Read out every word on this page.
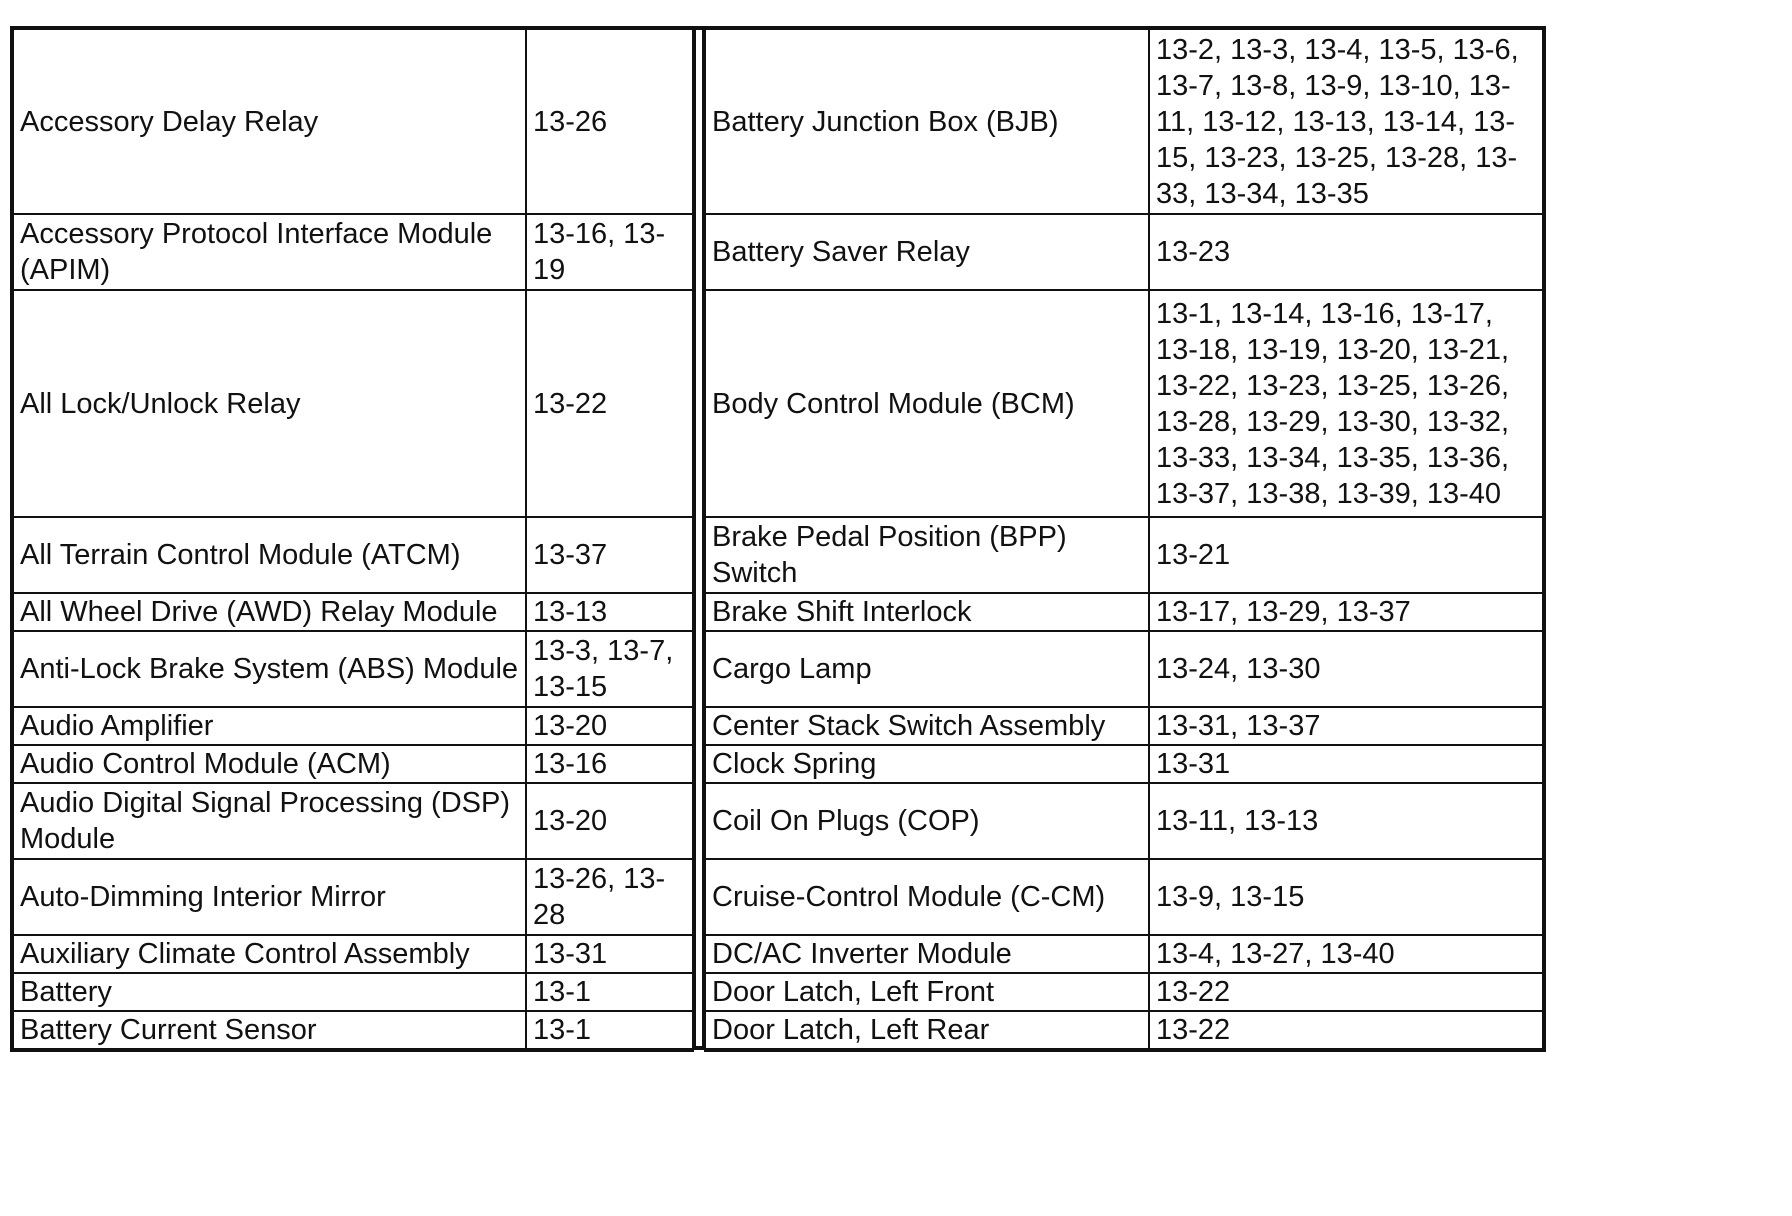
Accessory Delay Relay	13-26
Accessory Protocol Interface Module (APIM)	13-16, 13-19
All Lock/Unlock Relay	13-22
All Terrain Control Module (ATCM)	13-37
All Wheel Drive (AWD) Relay Module	13-13
Anti-Lock Brake System (ABS) Module	13-3, 13-7, 13-15
Audio Amplifier	13-20
Audio Control Module (ACM)	13-16
Audio Digital Signal Processing (DSP) Module	13-20
Auto-Dimming Interior Mirror	13-26, 13-28
Auxiliary Climate Control Assembly	13-31
Battery	13-1
Battery Current Sensor	13-1
Battery Junction Box (BJB)	13-2, 13-3, 13-4, 13-5, 13-6, 13-7, 13-8, 13-9, 13-10, 13-11, 13-12, 13-13, 13-14, 13-15, 13-23, 13-25, 13-28, 13-33, 13-34, 13-35
Battery Saver Relay	13-23
Body Control Module (BCM)	13-1, 13-14, 13-16, 13-17, 13-18, 13-19, 13-20, 13-21, 13-22, 13-23, 13-25, 13-26, 13-28, 13-29, 13-30, 13-32, 13-33, 13-34, 13-35, 13-36, 13-37, 13-38, 13-39, 13-40
Brake Pedal Position (BPP) Switch	13-21
Brake Shift Interlock	13-17, 13-29, 13-37
Cargo Lamp	13-24, 13-30
Center Stack Switch Assembly	13-31, 13-37
Clock Spring	13-31
Coil On Plugs (COP)	13-11, 13-13
Cruise-Control Module (C-CM)	13-9, 13-15
DC/AC Inverter Module	13-4, 13-27, 13-40
Door Latch, Left Front	13-22
Door Latch, Left Rear	13-22
